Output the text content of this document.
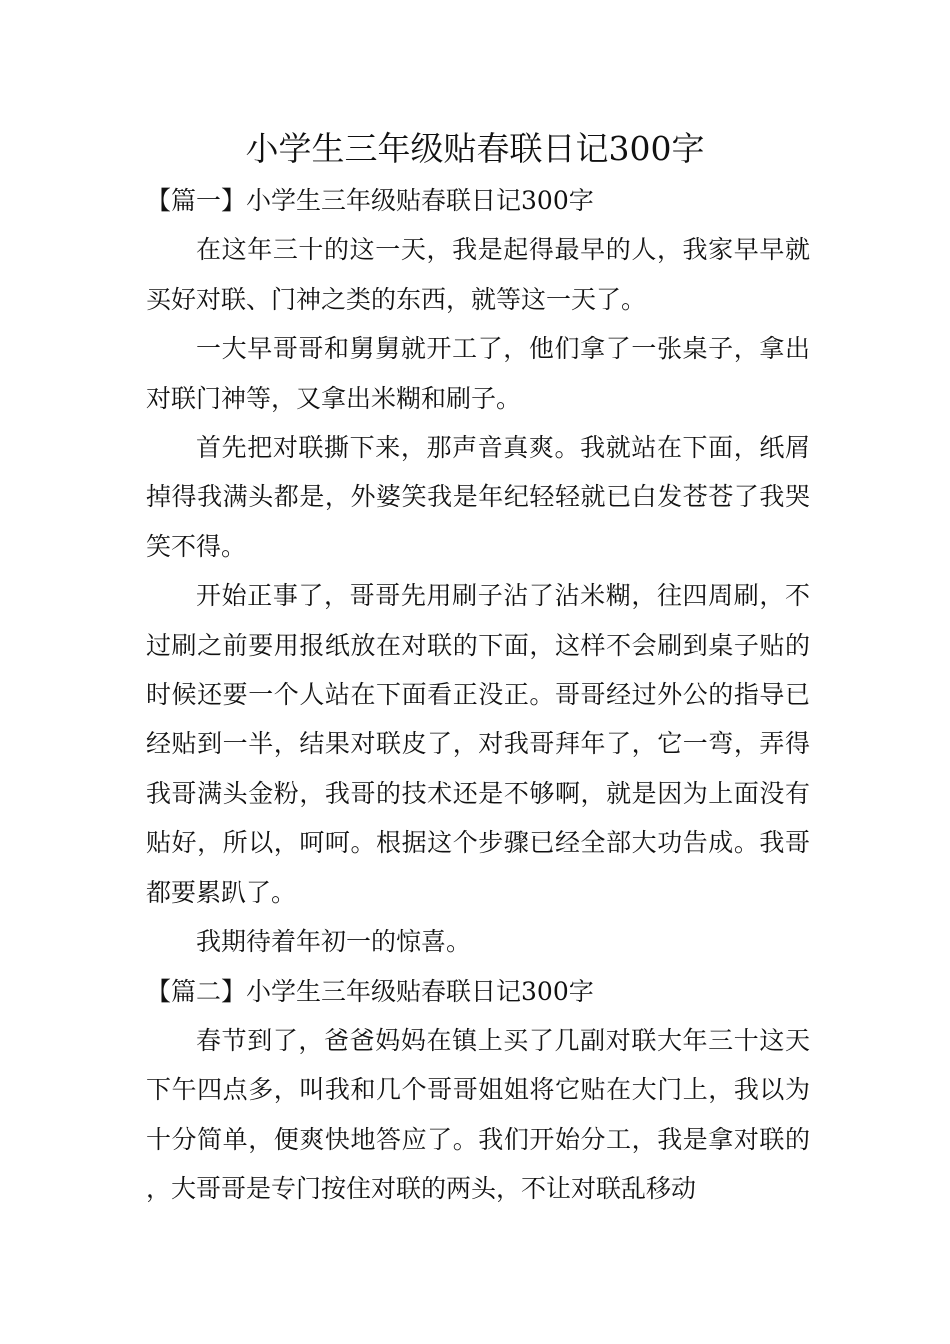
小学生三年级贴春联日记300字
【篇一】小学生三年级贴春联日记300字

在这年三十的这一天，我是起得最早的人，我家早早就买好对联、门神之类的东西，就等这一天了。

一大早哥哥和舅舅就开工了，他们拿了一张桌子，拿出对联门神等，又拿出米糊和刷子。

首先把对联撕下来，那声音真爽。我就站在下面，纸屑掉得我满头都是，外婆笑我是年纪轻轻就已白发苍苍了我哭笑不得。

开始正事了，哥哥先用刷子沾了沾米糊，往四周刷，不过刷之前要用报纸放在对联的下面，这样不会刷到桌子贴的时候还要一个人站在下面看正没正。哥哥经过外公的指导已经贴到一半，结果对联皮了，对我哥拜年了，它一弯，弄得我哥满头金粉，我哥的技术还是不够啊，就是因为上面没有贴好，所以，呵呵。根据这个步骤已经全部大功告成。我哥都要累趴了。

我期待着年初一的惊喜。

【篇二】小学生三年级贴春联日记300字

春节到了，爸爸妈妈在镇上买了几副对联大年三十这天下午四点多，叫我和几个哥哥姐姐将它贴在大门上，我以为十分简单，便爽快地答应了。我们开始分工，我是拿对联的，大哥哥是专门按住对联的两头，不让对联乱移动
